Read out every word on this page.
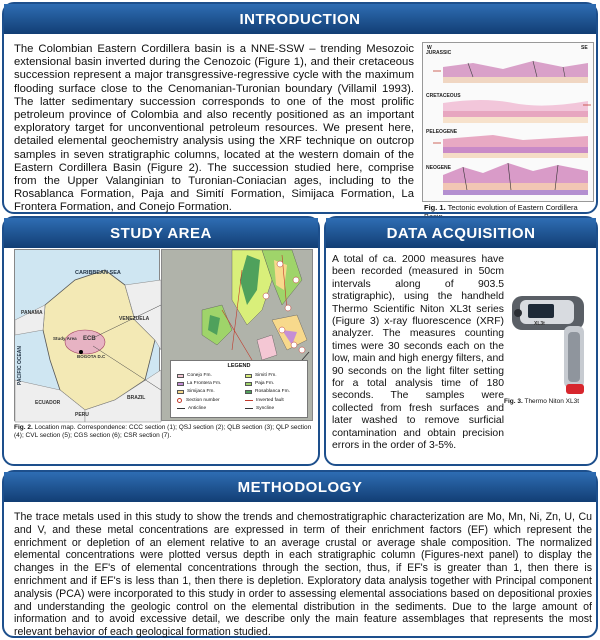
INTRODUCTION

The Colombian Eastern Cordillera basin is a NNE-SSW – trending Mesozoic extensional basin inverted during the Cenozoic (Figure 1), and their cretaceous succession represent a major transgressive-regressive cycle with the maximum flooding surface close to the Cenomanian-Turonian boundary (Villamil 1993). The latter sedimentary succession corresponds to one of the most prolific petroleum province of Colombia and also recently positioned as an important exploratory target for unconventional petroleum resources. We present here, detailed elemental geochemistry analysis using the XRF technique on outcrop samples in seven stratigraphic columns, located at the western domain of the Eastern Cordillera Basin (Figure 2). The succession studied here, comprise from the Upper Valanginian to Turonian-Coniacian ages, including to the Rosablanca Formation, Paja and Simití Formation, Simijaca Formation, La Frontera Formation, and Conejo Formation.

W	SE
JURASSIC
CRETACEOUS
PELEOGENE
NEOGENE
Fig. 1. Tectonic evolution of Eastern Cordillera
STUDY AREA
CARIBBEAN SEA
PANAMA
VENEZUELA
PACIFIC OCEAN
ECUADOR
PERU
BRAZIL
Study Area ECB
BOGOTA D.C
LEGEND
Conejo Fm.
La Frontera Fm.
Simijaca Fm.
Simití Fm.
Paja Fm.
Rosablanca Fm.
Section number	Inverted fault
Anticline	Syncline
Fig. 2. Location map. Correspondence: CCC section (1); QSJ section (2); QLB section (3); QLP section (4); CVL section (5); CGS section (6); CSR section (7).
DATA ACQUISITION

A total of ca. 2000 measures have been recorded (measured in 50cm intervals along of 903.5 stratigraphic), using the handheld Thermo Scientific Niton XL3t series (Figure 3) x-ray fluorescence (XRF) analyzer. The measures counting times were 30 seconds each on the low, main and high energy filters, and 90 seconds on the light filter setting for a total analysis time of 180 seconds. The samples were collected from fresh surfaces and later washed to remove surficial contamination and obtain precision errors in the order of 3-5%.

XL3t
Fig. 3. Thermo Niton XL3t
METHODOLOGY

The trace metals used in this study to show the trends and chemostratigraphic characterization are Mo, Mn, Ni, Zn, U, Cu and V, and these metal concentrations are expressed in term of their enrichment factors (EF) which represent the enrichment or depletion of an element relative to an average crustal or average shale composition. The normalized elemental concentrations were plotted versus depth in each stratigraphic column (Figures-next panel) to display the changes in the EF's of elemental concentrations through the section, thus, if EF's is greater than 1, then there is enrichment and if EF's is less than 1, then there is depletion. Exploratory data analysis together with Principal component analysis (PCA) were incorporated to this study in order to assessing elemental associations based on depositional proxies and understanding the geologic control on the elemental distribution in the sediments. Due to the large amount of information and to avoid excessive detail, we describe only the main feature assemblages that represents the most relevant behavior of each geological formation studied.
